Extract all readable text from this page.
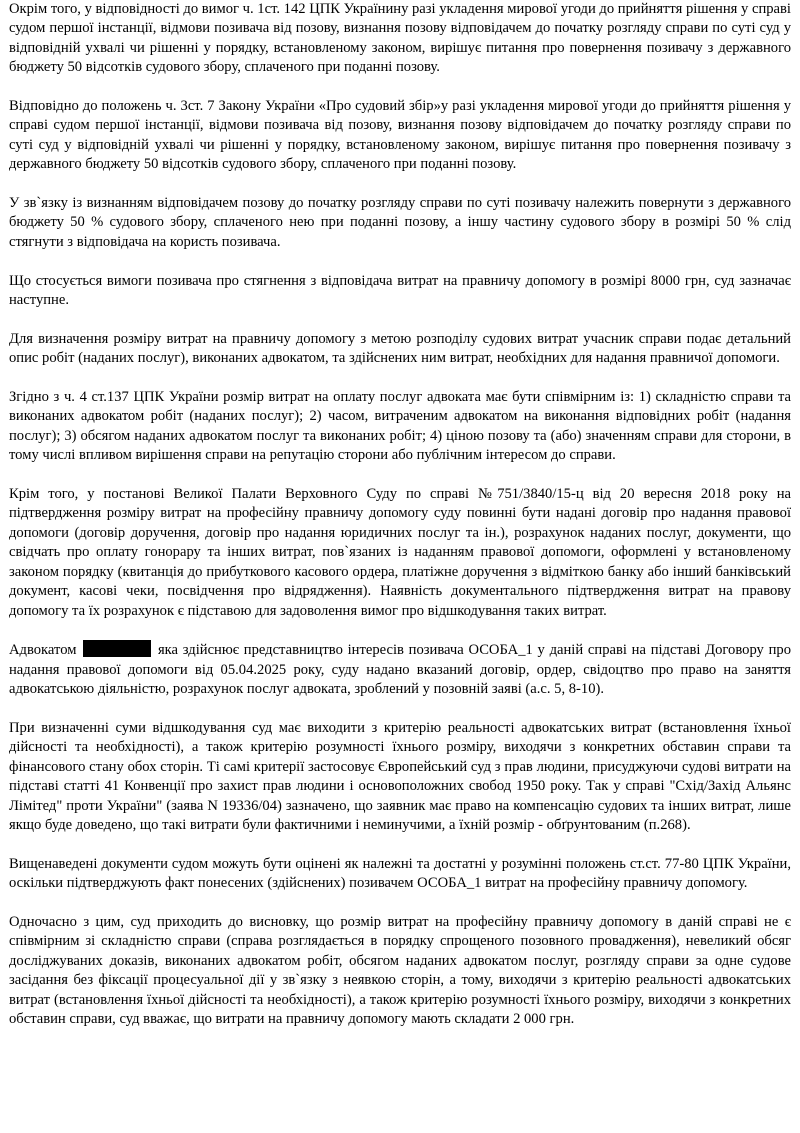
Окрім того, у відповідності до вимог ч. 1ст. 142 ЦПК Українину разі укладення мирової угоди до прийняття рішення у справі судом першої інстанції, відмови позивача від позову, визнання позову відповідачем до початку розгляду справи по суті суд у відповідній ухвалі чи рішенні у порядку, встановленому законом, вирішує питання про повернення позивачу з державного бюджету 50 відсотків судового збору, сплаченого при поданні позову.

Відповідно до положень ч. 3ст. 7 Закону України «Про судовий збір»у разі укладення мирової угоди до прийняття рішення у справі судом першої інстанції, відмови позивача від позову, визнання позову відповідачем до початку розгляду справи по суті суд у відповідній ухвалі чи рішенні у порядку, встановленому законом, вирішує питання про повернення позивачу з державного бюджету 50 відсотків судового збору, сплаченого при поданні позову.

У зв`язку із визнанням відповідачем позову до початку розгляду справи по суті позивачу належить повернути з державного бюджету 50 % судового збору, сплаченого нею при поданні позову, а іншу частину судового збору в розмірі 50 % слід стягнути з відповідача на користь позивача.

Що стосується вимоги позивача про стягнення з відповідача витрат на правничу допомогу в розмірі 8000 грн, суд зазначає наступне.

Для визначення розміру витрат на правничу допомогу з метою розподілу судових витрат учасник справи подає детальний опис робіт (наданих послуг), виконаних адвокатом, та здійснених ним витрат, необхідних для надання правничої допомоги.

Згідно з ч. 4 ст.137 ЦПК України розмір витрат на оплату послуг адвоката має бути співмірним із: 1) складністю справи та виконаних адвокатом робіт (наданих послуг); 2) часом, витраченим адвокатом на виконання відповідних робіт (надання послуг); 3) обсягом наданих адвокатом послуг та виконаних робіт; 4) ціною позову та (або) значенням справи для сторони, в тому числі впливом вирішення справи на репутацію сторони або публічним інтересом до справи.

Крім того, у постанові Великої Палати Верховного Суду по справі №751/3840/15-ц від 20 вересня 2018 року на підтвердження розміру витрат на професійну правничу допомогу суду повинні бути надані договір про надання правової допомоги (договір доручення, договір про надання юридичних послуг та ін.), розрахунок наданих послуг, документи, що свідчать про оплату гонорару та інших витрат, пов`язаних із наданням правової допомоги, оформлені у встановленому законом порядку (квитанція до прибуткового касового ордера, платіжне доручення з відміткою банку або інший банківський документ, касові чеки, посвідчення про відрядження). Наявність документального підтвердження витрат на правову допомогу та їх розрахунок є підставою для задоволення вимог про відшкодування таких витрат.

Адвокатом	яка здійснює представництво інтересів позивача ОСОБА_1 у даній справі на підставі Договору про надання правової допомоги від 05.04.2025 року, суду надано вказаний договір, ордер, свідоцтво про право на заняття адвокатською діяльністю, розрахунок послуг адвоката, зроблений у позовній заяві (а.с. 5, 8-10).

При визначенні суми відшкодування суд має виходити з критерію реальності адвокатських витрат (встановлення їхньої дійсності та необхідності), а також критерію розумності їхнього розміру, виходячи з конкретних обставин справи та фінансового стану обох сторін. Ті самі критерії застосовує Європейський суд з прав людини, присуджуючи судові витрати на підставі статті 41 Конвенції про захист прав людини і основоположних свобод 1950 року. Так у справі "Схід/Захід Альянс Лімітед" проти України" (заява N 19336/04) зазначено, що заявник має право на компенсацію судових та інших витрат, лише якщо буде доведено, що такі витрати були фактичними і неминучими, а їхній розмір - обґрунтованим (п.268).

Вищенаведені документи судом можуть бути оцінені як належні та достатні у розумінні положень ст.ст. 77-80 ЦПК України, оскільки підтверджують факт понесених (здійснених) позивачем ОСОБА_1 витрат на професійну правничу допомогу.

Одночасно з цим, суд приходить до висновку, що розмір витрат на професійну правничу допомогу в даній справі не є співмірним зі складністю справи (справа розглядається в порядку спрощеного позовного провадження), невеликий обсяг досліджуваних доказів, виконаних адвокатом робіт, обсягом наданих адвокатом послуг, розгляду справи за одне судове засідання без фіксації процесуальної дії у зв`язку з неявкою сторін, а тому, виходячи з критерію реальності адвокатських витрат (встановлення їхньої дійсності та необхідності), а також критерію розумності їхнього розміру, виходячи з конкретних обставин справи, суд вважає, що витрати на правничу допомогу мають складати 2 000 грн.
